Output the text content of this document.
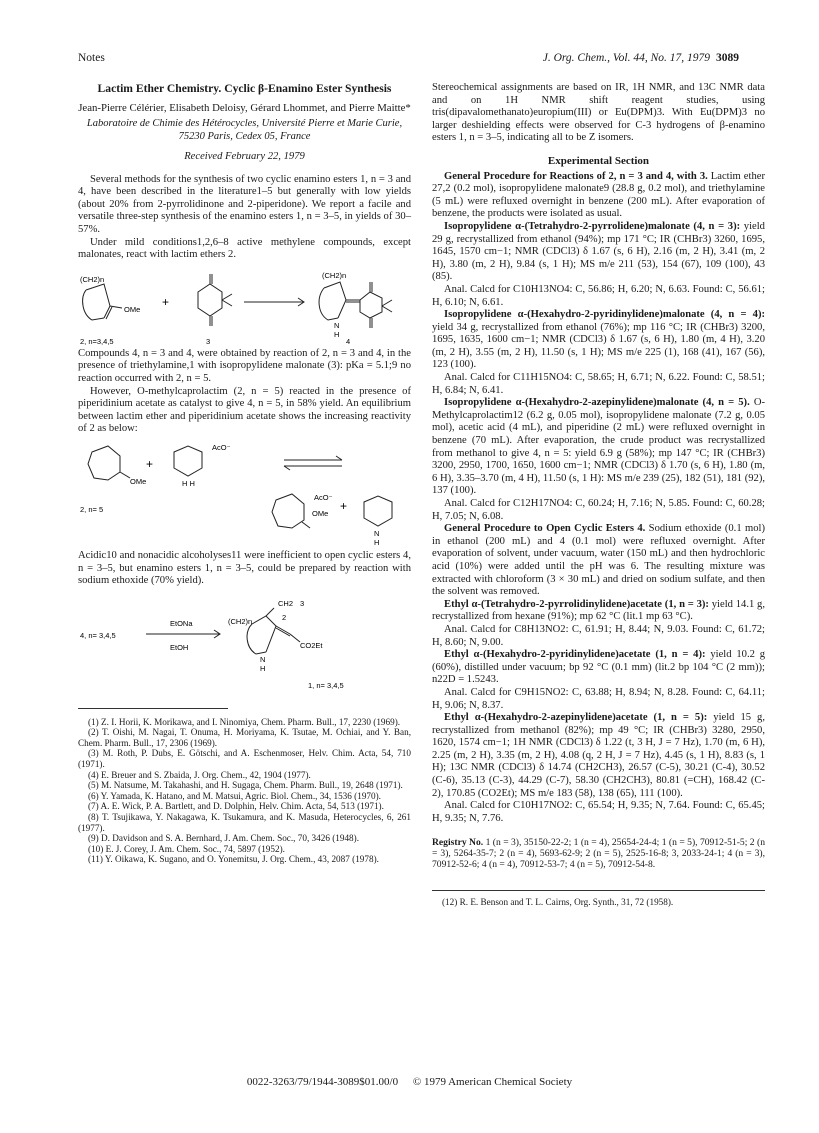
Notes	J. Org. Chem., Vol. 44, No. 17, 1979 3089
Lactim Ether Chemistry. Cyclic β-Enamino Ester Synthesis
Jean-Pierre Célérier, Elisabeth Deloisy, Gérard Lhommet, and Pierre Maitte*
Laboratoire de Chimie des Hétérocycles, Université Pierre et Marie Curie, 75230 Paris, Cedex 05, France
Received February 22, 1979

Several methods for the synthesis of two cyclic enamino esters 1, n = 3 and 4, have been described in the literature1–5 but generally with low yields (about 20% from 2-pyrrolidinone and 2-piperidone). We report a facile and versatile three-step synthesis of the enamino esters 1, n = 3–5, in yields of 30–57%.

Under mild conditions1,2,6–8 active methylene compounds, except malonates, react with lactim ethers 2.

(CH2)n
OMe
+
(CH2)n
N
H
2, n=3,4,5	3	4

Compounds 4, n = 3 and 4, were obtained by reaction of 2, n = 3 and 4, in the presence of triethylamine,1 with isopropylidene malonate (3): pKa = 5.1;9 no reaction occurred with 2, n = 5.

However, O-methylcaprolactim (2, n = 5) reacted in the presence of piperidinium acetate as catalyst to give 4, n = 5, in 58% yield. An equilibrium between lactim ether and piperidinium acetate shows the increasing reactivity of 2 as below:

OMe
+
AcO⁻
H H
AcO⁻
OMe
+
N
H
2, n= 5

Acidic10 and nonacidic alcoholyses11 were inefficient to open cyclic esters 4, n = 3–5, but enamino esters 1, n = 3–5, could be prepared by reaction with sodium ethoxide (70% yield).

4, n= 3,4,5
EtONa
EtOH
CH2 3
2
(CH2)n
CO2Et
N
H
1, n= 3,4,5

(1) Z. I. Horii, K. Morikawa, and I. Ninomiya, Chem. Pharm. Bull., 17, 2230 (1969).

(2) T. Oishi, M. Nagai, T. Onuma, H. Moriyama, K. Tsutae, M. Ochiai, and Y. Ban, Chem. Pharm. Bull., 17, 2306 (1969).

(3) M. Roth, P. Dubs, E. Götschi, and A. Eschenmoser, Helv. Chim. Acta, 54, 710 (1971).

(4) E. Breuer and S. Zbaida, J. Org. Chem., 42, 1904 (1977).

(5) M. Natsume, M. Takahashi, and H. Sugaga, Chem. Pharm. Bull., 19, 2648 (1971).

(6) Y. Yamada, K. Hatano, and M. Matsui, Agric. Biol. Chem., 34, 1536 (1970).

(7) A. E. Wick, P. A. Bartlett, and D. Dolphin, Helv. Chim. Acta, 54, 513 (1971).

(8) T. Tsujikawa, Y. Nakagawa, K. Tsukamura, and K. Masuda, Heterocycles, 6, 261 (1977).

(9) D. Davidson and S. A. Bernhard, J. Am. Chem. Soc., 70, 3426 (1948).

(10) E. J. Corey, J. Am. Chem. Soc., 74, 5897 (1952).

(11) Y. Oikawa, K. Sugano, and O. Yonemitsu, J. Org. Chem., 43, 2087 (1978).

Stereochemical assignments are based on IR, 1H NMR, and 13C NMR data and on 1H NMR shift reagent studies, using tris(dipavalomethanato)europium(III) or Eu(DPM)3. With Eu(DPM)3 no larger deshielding effects were observed for C-3 hydrogens of β-enamino esters 1, n = 3–5, indicating all to be Z isomers.

Experimental Section

General Procedure for Reactions of 2, n = 3 and 4, with 3. Lactim ether 27,2 (0.2 mol), isopropylidene malonate9 (28.8 g, 0.2 mol), and triethylamine (5 mL) were refluxed overnight in benzene (200 mL). After evaporation of benzene, the products were isolated as usual.

Isopropylidene α-(Tetrahydro-2-pyrrolidene)malonate (4, n = 3): yield 29 g, recrystallized from ethanol (94%); mp 171 °C; IR (CHBr3) 3260, 1695, 1645, 1570 cm−1; NMR (CDCl3) δ 1.67 (s, 6 H), 2.16 (m, 2 H), 3.41 (m, 2 H), 3.80 (m, 2 H), 9.84 (s, 1 H); MS m/e 211 (53), 154 (67), 109 (100), 43 (85).

Anal. Calcd for C10H13NO4: C, 56.86; H, 6.20; N, 6.63. Found: C, 56.61; H, 6.10; N, 6.61.

Isopropylidene α-(Hexahydro-2-pyridinylidene)malonate (4, n = 4): yield 34 g, recrystallized from ethanol (76%); mp 116 °C; IR (CHBr3) 3200, 1695, 1635, 1600 cm−1; NMR (CDCl3) δ 1.67 (s, 6 H), 1.80 (m, 4 H), 3.20 (m, 2 H), 3.55 (m, 2 H), 11.50 (s, 1 H); MS m/e 225 (1), 168 (41), 167 (56), 123 (100).

Anal. Calcd for C11H15NO4: C, 58.65; H, 6.71; N, 6.22. Found: C, 58.51; H, 6.84; N, 6.41.

Isopropylidene α-(Hexahydro-2-azepinylidene)malonate (4, n = 5). O-Methylcaprolactim12 (6.2 g, 0.05 mol), isopropylidene malonate (7.2 g, 0.05 mol), acetic acid (4 mL), and piperidine (2 mL) were refluxed overnight in benzene (70 mL). After evaporation, the crude product was recrystallized from methanol to give 4, n = 5: yield 6.9 g (58%); mp 147 °C; IR (CHBr3) 3200, 2950, 1700, 1650, 1600 cm−1; NMR (CDCl3) δ 1.70 (s, 6 H), 1.80 (m, 6 H), 3.35–3.70 (m, 4 H), 11.50 (s, 1 H): MS m/e 239 (25), 182 (51), 181 (92), 137 (100).

Anal. Calcd for C12H17NO4: C, 60.24; H, 7.16; N, 5.85. Found: C, 60.28; H, 7.05; N, 6.08.

General Procedure to Open Cyclic Esters 4. Sodium ethoxide (0.1 mol) in ethanol (200 mL) and 4 (0.1 mol) were refluxed overnight. After evaporation of solvent, under vacuum, water (150 mL) and then hydrochloric acid (10%) were added until the pH was 6. The resulting mixture was extracted with chloroform (3 × 30 mL) and dried on sodium sulfate, and then the solvent was removed.

Ethyl α-(Tetrahydro-2-pyrrolidinylidene)acetate (1, n = 3): yield 14.1 g, recrystallized from hexane (91%); mp 62 °C (lit.1 mp 63 °C).

Anal. Calcd for C8H13NO2: C, 61.91; H, 8.44; N, 9.03. Found: C, 61.72; H, 8.60; N, 9.00.

Ethyl α-(Hexahydro-2-pyridinylidene)acetate (1, n = 4): yield 10.2 g (60%), distilled under vacuum; bp 92 °C (0.1 mm) (lit.2 bp 104 °C (2 mm)); n22D = 1.5243.

Anal. Calcd for C9H15NO2: C, 63.88; H, 8.94; N, 8.28. Found: C, 64.11; H, 9.06; N, 8.37.

Ethyl α-(Hexahydro-2-azepinylidene)acetate (1, n = 5): yield 15 g, recrystallized from methanol (82%); mp 49 °C; IR (CHBr3) 3280, 2950, 1620, 1574 cm−1; 1H NMR (CDCl3) δ 1.22 (t, 3 H, J = 7 Hz), 1.70 (m, 6 H), 2.25 (m, 2 H), 3.35 (m, 2 H), 4.08 (q, 2 H, J = 7 Hz), 4.45 (s, 1 H), 8.83 (s, 1 H); 13C NMR (CDCl3) δ 14.74 (CH2CH3), 26.57 (C-5), 30.21 (C-4), 30.52 (C-6), 35.13 (C-3), 44.29 (C-7), 58.30 (CH2CH3), 80.81 (=CH), 168.42 (C-2), 170.85 (CO2Et); MS m/e 183 (58), 138 (65), 111 (100).

Anal. Calcd for C10H17NO2: C, 65.54; H, 9.35; N, 7.64. Found: C, 65.45; H, 9.35; N, 7.76.

Registry No. 1 (n = 3), 35150-22-2; 1 (n = 4), 25654-24-4; 1 (n = 5), 70912-51-5; 2 (n = 3), 5264-35-7; 2 (n = 4), 5693-62-9; 2 (n = 5), 2525-16-8; 3, 2033-24-1; 4 (n = 3), 70912-52-6; 4 (n = 4), 70912-53-7; 4 (n = 5), 70912-54-8.
(12) R. E. Benson and T. L. Cairns, Org. Synth., 31, 72 (1958).
0022-3263/79/1944-3089$01.00/0 © 1979 American Chemical Society
